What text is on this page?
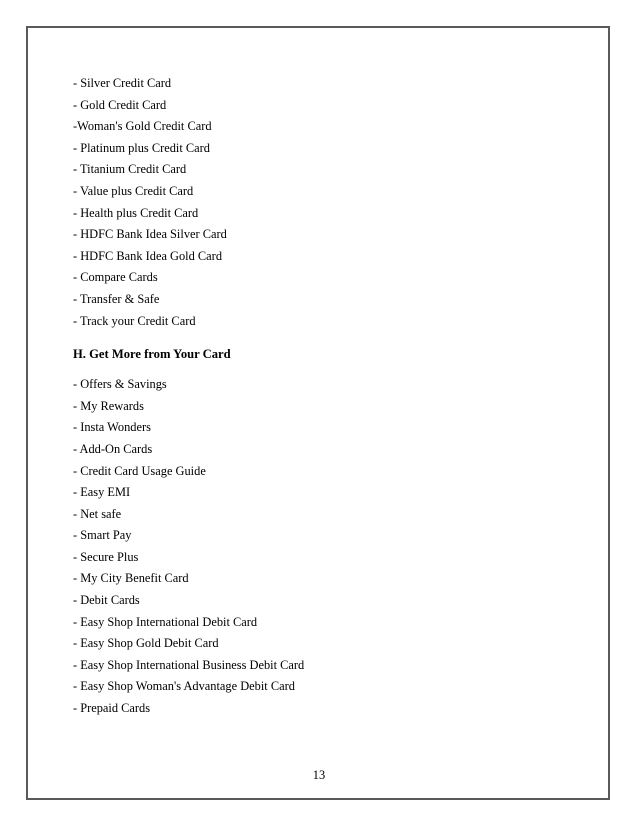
- Silver Credit Card
- Gold Credit Card
-Woman's Gold Credit Card
- Platinum plus Credit Card
- Titanium Credit Card
- Value plus Credit Card
- Health plus Credit Card
- HDFC Bank Idea Silver Card
- HDFC Bank Idea Gold Card
- Compare Cards
- Transfer & Safe
- Track your Credit Card
H. Get More from Your Card
- Offers & Savings
- My Rewards
- Insta Wonders
- Add-On Cards
- Credit Card Usage Guide
- Easy EMI
- Net safe
- Smart Pay
- Secure Plus
- My City Benefit Card
- Debit Cards
- Easy Shop International Debit Card
- Easy Shop Gold Debit Card
- Easy Shop International Business Debit Card
- Easy Shop Woman's Advantage Debit Card
- Prepaid Cards
13
